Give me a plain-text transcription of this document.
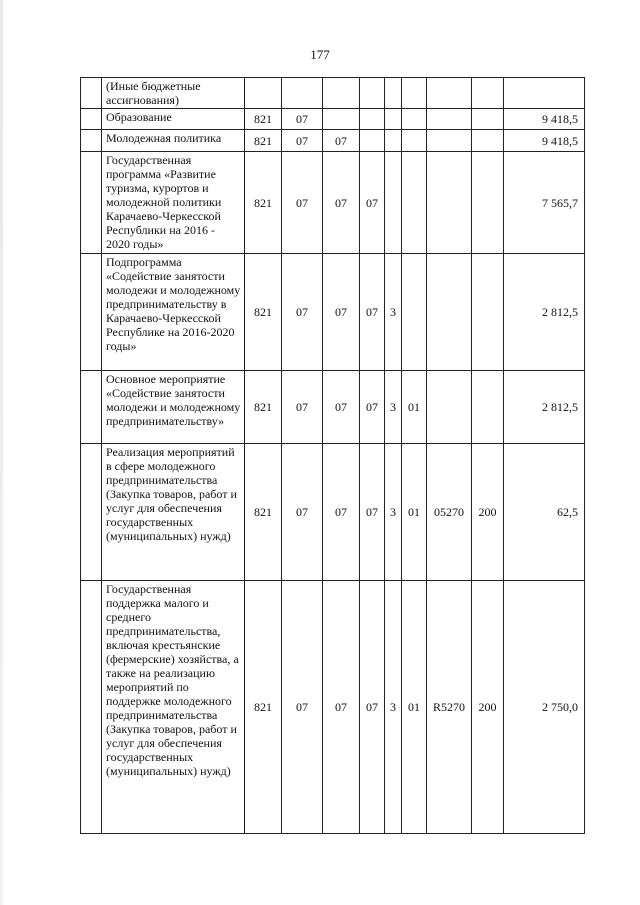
177
	(Иные бюджетные ассигнования)									
	Образование	821	07							9 418,5
	Молодежная политика	821	07	07						9 418,5
	Государственная программа «Развитие туризма, курортов и молодежной политики Карачаево-Черкесской Республики на 2016 - 2020 годы»	821	07	07	07					7 565,7
	Подпрограмма «Содействие занятости молодежи и молодежному предпринимательству в Карачаево-Черкесской Республике на 2016-2020 годы»	821	07	07	07	3				2 812,5
	Основное мероприятие «Содействие занятости молодежи и молодежному предпринимательству»	821	07	07	07	3	01			2 812,5
	Реализация мероприятий в сфере молодежного предпринимательства (Закупка товаров, работ и услуг для обеспечения государственных (муниципальных) нужд)	821	07	07	07	3	01	05270	200	62,5
	Государственная поддержка малого и среднего предпринимательства, включая крестьянские (фермерские) хозяйства, а также на реализацию мероприятий по поддержке молодежного предпринимательства (Закупка товаров, работ и услуг для обеспечения государственных (муниципальных) нужд)	821	07	07	07	3	01	R5270	200	2 750,0
